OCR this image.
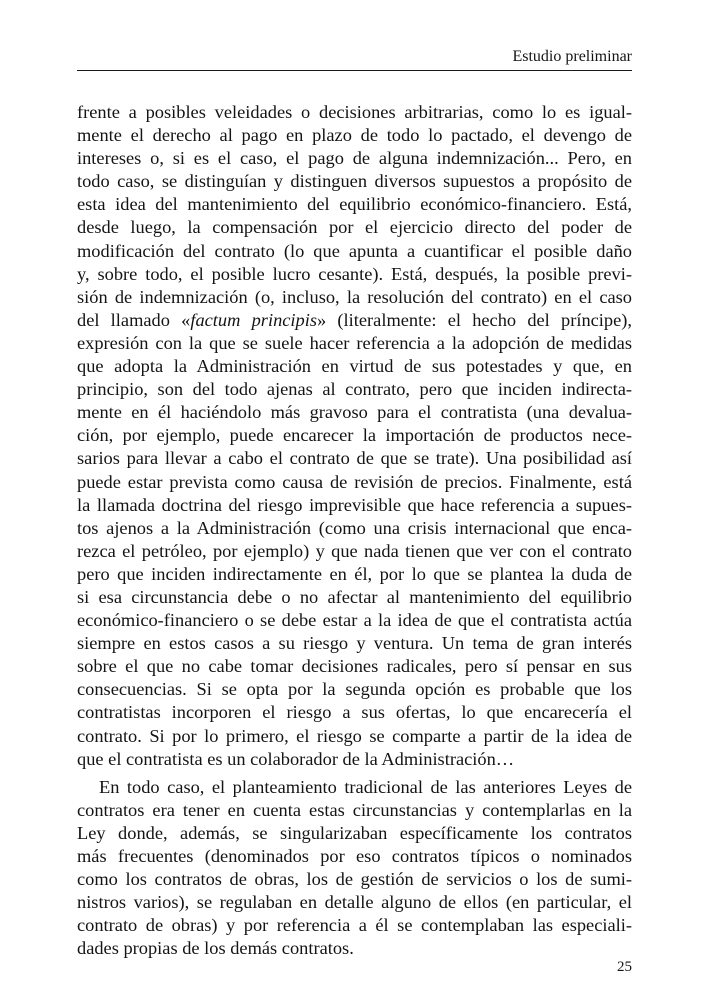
Estudio preliminar
frente a posibles veleidades o decisiones arbitrarias, como lo es igual-
mente el derecho al pago en plazo de todo lo pactado, el devengo de
intereses o, si es el caso, el pago de alguna indemnización... Pero, en
todo caso, se distinguían y distinguen diversos supuestos a propósito de
esta idea del mantenimiento del equilibrio económico-financiero. Está,
desde luego, la compensación por el ejercicio directo del poder de
modificación del contrato (lo que apunta a cuantificar el posible daño
y, sobre todo, el posible lucro cesante). Está, después, la posible previ-
sión de indemnización (o, incluso, la resolución del contrato) en el caso
del llamado «factum principis» (literalmente: el hecho del príncipe),
expresión con la que se suele hacer referencia a la adopción de medidas
que adopta la Administración en virtud de sus potestades y que, en
principio, son del todo ajenas al contrato, pero que inciden indirecta-
mente en él haciéndolo más gravoso para el contratista (una devalua-
ción, por ejemplo, puede encarecer la importación de productos nece-
sarios para llevar a cabo el contrato de que se trate). Una posibilidad así
puede estar prevista como causa de revisión de precios. Finalmente, está
la llamada doctrina del riesgo imprevisible que hace referencia a supues-
tos ajenos a la Administración (como una crisis internacional que enca-
rezca el petróleo, por ejemplo) y que nada tienen que ver con el contrato
pero que inciden indirectamente en él, por lo que se plantea la duda de
si esa circunstancia debe o no afectar al mantenimiento del equilibrio
económico-financiero o se debe estar a la idea de que el contratista actúa
siempre en estos casos a su riesgo y ventura. Un tema de gran interés
sobre el que no cabe tomar decisiones radicales, pero sí pensar en sus
consecuencias. Si se opta por la segunda opción es probable que los
contratistas incorporen el riesgo a sus ofertas, lo que encarecería el
contrato. Si por lo primero, el riesgo se comparte a partir de la idea de
que el contratista es un colaborador de la Administración…
En todo caso, el planteamiento tradicional de las anteriores Leyes de
contratos era tener en cuenta estas circunstancias y contemplarlas en la
Ley donde, además, se singularizaban específicamente los contratos
más frecuentes (denominados por eso contratos típicos o nominados
como los contratos de obras, los de gestión de servicios o los de sumi-
nistros varios), se regulaban en detalle alguno de ellos (en particular, el
contrato de obras) y por referencia a él se contemplaban las especiali-
dades propias de los demás contratos.
25
